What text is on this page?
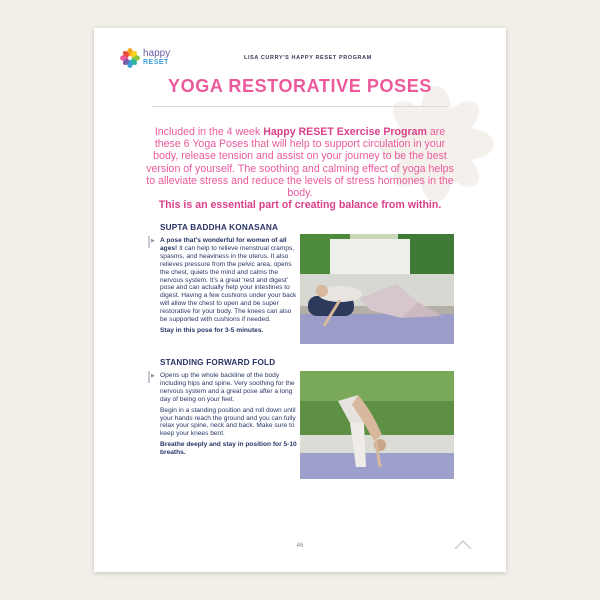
happy
RESET
LISA CURRY'S HAPPY RESET PROGRAM
YOGA RESTORATIVE POSES
Included in the 4 week Happy RESET Exercise Program are these 6 Yoga Poses that will help to support circulation in your body, release tension and assist on your journey to be the best version of yourself. The soothing and calming effect of yoga helps to alleviate stress and reduce the levels of stress hormones in the body.
This is an essential part of creating balance from within.
SUPTA BADDHA KONASANA
▶ A pose that's wonderful for women of all ages! It can help to relieve menstrual cramps, spasms, and heaviness in the uterus. It also relieves pressure from the pelvic area, opens the chest, quiets the mind and calms the nervous system. It's a great 'rest and digest' pose and can actually help your intestines to digest. Having a few cushions under your back will allow the chest to open and be super restorative for your body. The knees can also be supported with cushions if needed.

Stay in this pose for 3-5 minutes.

STANDING FORWARD FOLD
▶ Opens up the whole backline of the body including hips and spine. Very soothing for the nervous system and a great pose after a long day of being on your feet.

Begin in a standing position and roll down until your hands reach the ground and you can fully relax your spine, neck and back. Make sure to keep your knees bent.

Breathe deeply and stay in position for 5-10 breaths.

46
